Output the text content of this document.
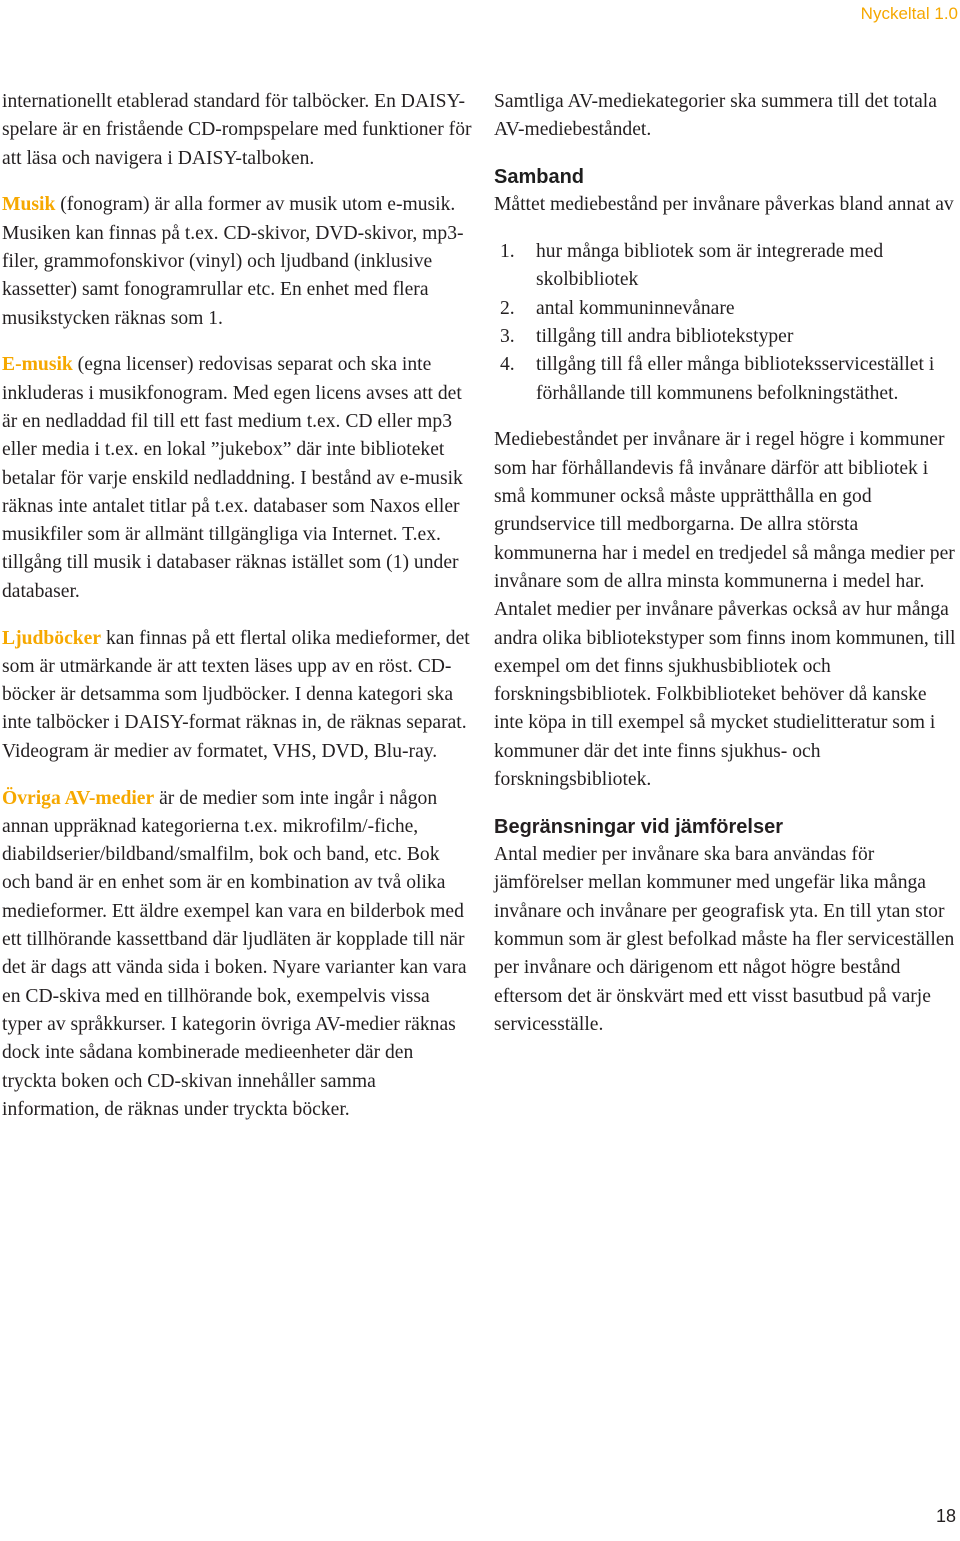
Nyckeltal 1.0

internationellt etablerad standard för talböcker. En DAISY-spelare är en fristående CD-rompspelare med funktioner för att läsa och navigera i DAISY-talboken.

Musik (fonogram) är alla former av musik utom e-musik. Musiken kan finnas på t.ex. CD-skivor, DVD-skivor, mp3-filer, grammofonskivor (vinyl) och ljudband (inklusive kassetter) samt fonogramrullar etc. En enhet med flera musikstycken räknas som 1.

E-musik (egna licenser) redovisas separat och ska inte inkluderas i musikfonogram. Med egen licens avses att det är en nedladdad fil till ett fast medium t.ex. CD eller mp3 eller media i t.ex. en lokal ”jukebox” där inte biblioteket betalar för varje enskild nedladdning. I bestånd av e-musik räknas inte antalet titlar på t.ex. databaser som Naxos eller musikfiler som är allmänt tillgängliga via Internet. T.ex. tillgång till musik i databaser räknas istället som (1) under databaser.

Ljudböcker kan finnas på ett flertal olika medieformer, det som är utmärkande är att texten läses upp av en röst. CD-böcker är detsamma som ljudböcker. I denna kategori ska inte talböcker i DAISY-format räknas in, de räknas separat. Videogram är medier av formatet, VHS, DVD, Blu-ray.

Övriga AV-medier är de medier som inte ingår i någon annan uppräknad kategorierna t.ex. mikrofilm/-fiche, diabildserier/bildband/smalfilm, bok och band, etc. Bok och band är en enhet som är en kombination av två olika medieformer. Ett äldre exempel kan vara en bilderbok med ett tillhörande kassettband där ljudläten är kopplade till när det är dags att vända sida i boken. Nyare varianter kan vara en CD-skiva med en tillhörande bok, exempelvis vissa typer av språkkurser. I kategorin övriga AV-medier räknas dock inte sådana kombinerade medieenheter där den tryckta boken och CD-skivan innehåller samma information, de räknas under tryckta böcker.

Samtliga AV-mediekategorier ska summera till det totala AV-mediebeståndet.

Samband

Måttet mediebestånd per invånare påverkas bland annat av

1.	hur många bibliotek som är integrerade med skolbibliotek
2.	antal kommuninnevånare
3.	tillgång till andra bibliotekstyper
4.	tillgång till få eller många biblioteksservicestället i förhållande till kommunens befolkningstäthet.

Mediebeståndet per invånare är i regel högre i kommuner som har förhållandevis få invånare därför att bibliotek i små kommuner också måste upprätthålla en god grundservice till medborgarna. De allra största kommunerna har i medel en tredjedel så många medier per invånare som de allra minsta kommunerna i medel har. Antalet medier per invånare påverkas också av hur många andra olika bibliotekstyper som finns inom kommunen, till exempel om det finns sjukhusbibliotek och forskningsbibliotek. Folkbiblioteket behöver då kanske inte köpa in till exempel så mycket studielitteratur som i kommuner där det inte finns sjukhus- och forskningsbibliotek.

Begränsningar vid jämförelser

Antal medier per invånare ska bara användas för jämförelser mellan kommuner med ungefär lika många invånare och invånare per geografisk yta. En till ytan stor kommun som är glest befolkad måste ha fler serviceställen per invånare och därigenom ett något högre bestånd eftersom det är önskvärt med ett visst basutbud på varje servicesställe.

18
